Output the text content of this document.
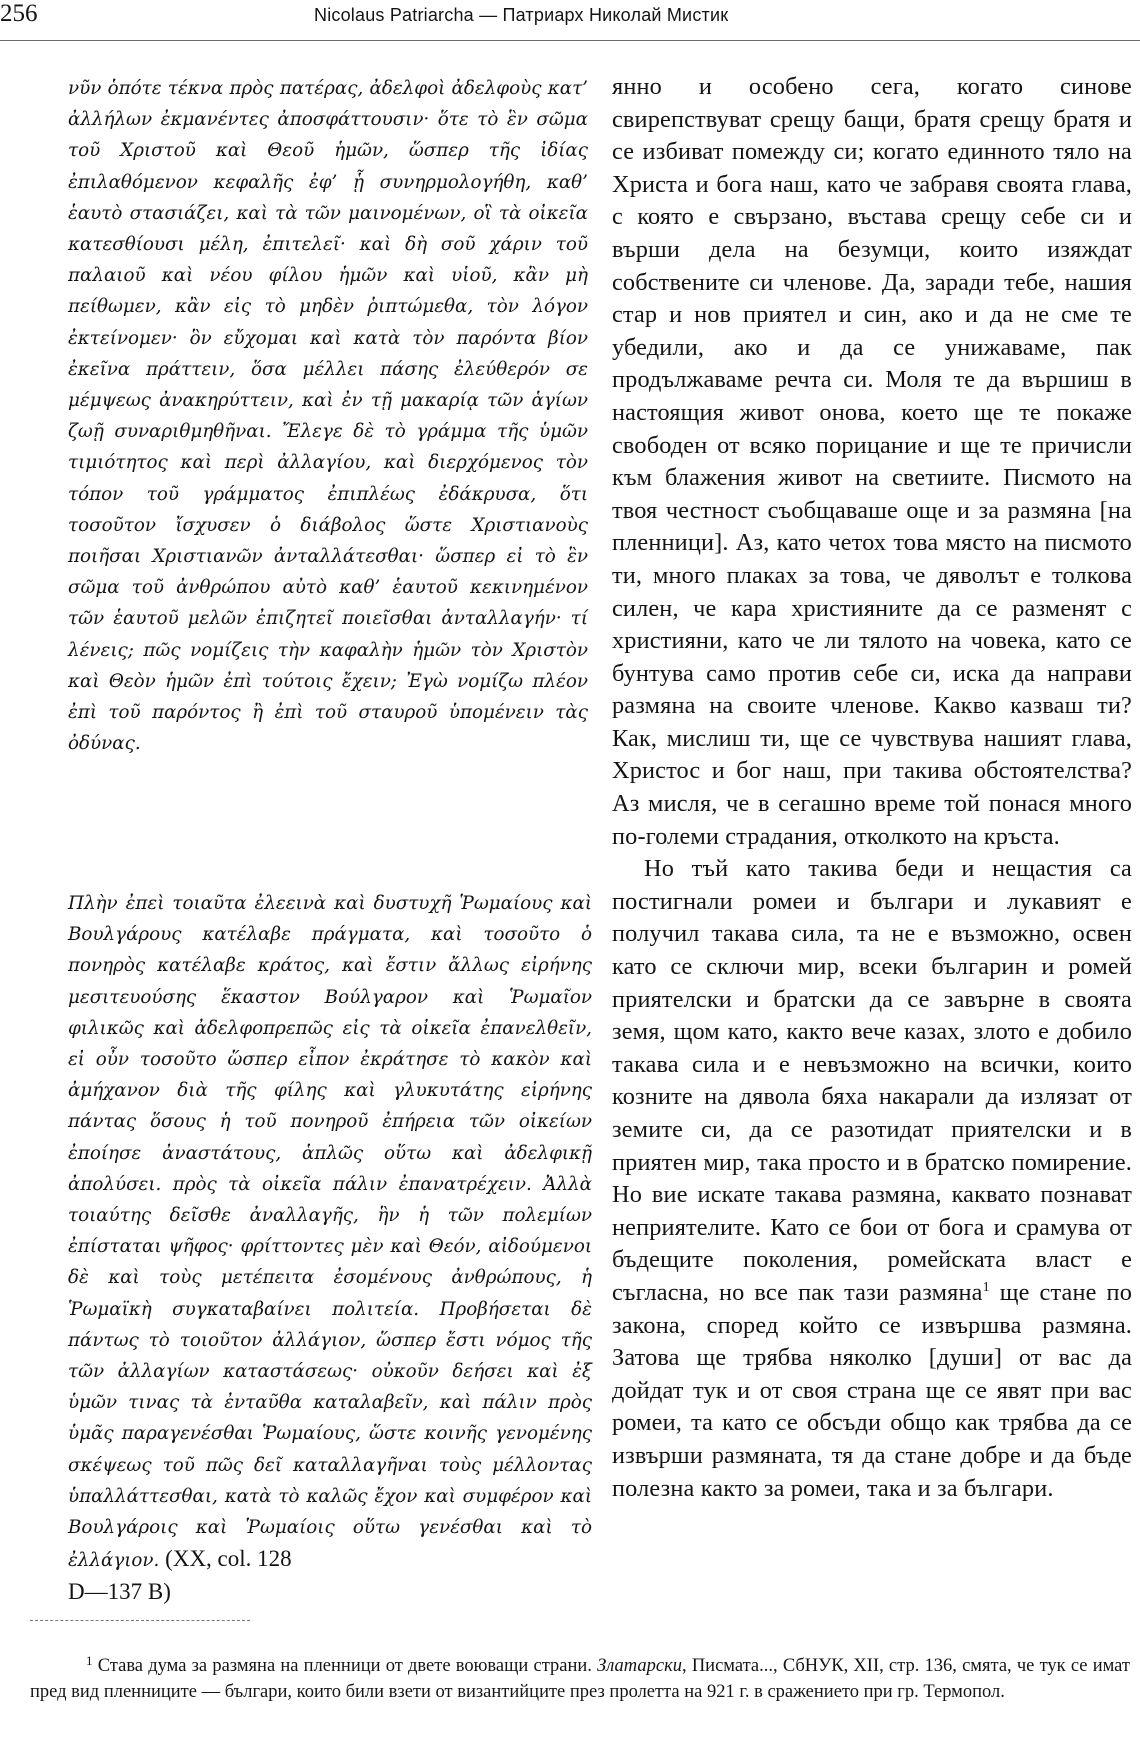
256	Nicolaus Patriarcha — Патриарх Николай Мистик

νῦν ὁπότε τέκνα πρὸς πατέρας, ἀδελφοὶ ἀδελφοὺς κατ’ ἀλλήλων ἐκμανέντες ἀποσφάττουσιν· ὅτε τὸ ἓν σῶμα τοῦ Χριστοῦ καὶ Θεοῦ ἡμῶν, ὥσπερ τῆς ἰδίας ἐπιλαθόμενον κεφαλῆς ἐφ’ ᾗ συνηρμολογήθη, καθ’ ἑαυτὸ στασιάζει, καὶ τὰ τῶν μαινομένων, οἳ τὰ οἰκεῖα κατεσθίουσι μέλη, ἐπιτελεῖ· καὶ δὴ σοῦ χάριν τοῦ παλαιοῦ καὶ νέου φίλου ἡμῶν καὶ υἱοῦ, κἂν μὴ πείθωμεν, κἂν εἰς τὸ μηδὲν ῥιπτώμεθα, τὸν λόγον ἐκτείνομεν· ὃν εὔχομαι καὶ κατὰ τὸν παρόντα βίον ἐκεῖνα πράττειν, ὅσα μέλλει πάσης ἐλεύθερόν σε μέμψεως ἀνακηρύττειν, καὶ ἐν τῇ μακαρίᾳ τῶν ἁγίων ζωῇ συναριθμηθῆναι. Ἔλεγε δὲ τὸ γράμμα τῆς ὑμῶν τιμιότητος καὶ περὶ ἀλλαγίου, καὶ διερχόμενος τὸν τόπον τοῦ γράμματος ἐπιπλέως ἐδάκρυσα, ὅτι τοσοῦτον ἴσχυσεν ὁ διάβολος ὥστε Χριστιανοὺς ποιῆσαι Χριστιανῶν ἀνταλλάτεσθαι· ὥσπερ εἰ τὸ ἓν σῶμα τοῦ ἀνθρώπου αὐτὸ καθ’ ἑαυτοῦ κεκινημένον τῶν ἑαυτοῦ μελῶν ἐπιζητεῖ ποιεῖσθαι ἀνταλλαγήν· τί λένεις; πῶς νομίζεις τὴν καφαλὴν ἡμῶν τὸν Χριστὸν καὶ Θεὸν ἡμῶν ἐπὶ τούτοις ἔχειν; Ἐγὼ νομίζω πλέον ἐπὶ τοῦ παρόντος ἢ ἐπὶ τοῦ σταυροῦ ὑπομένειν τὰς ὀδύνας.

Πλὴν ἐπεὶ τοιαῦτα ἐλεεινὰ καὶ δυστυχῆ Ῥωμαίους καὶ Βουλγάρους κατέλαβε πράγματα, καὶ τοσοῦτο ὁ πονηρὸς κατέλαβε κράτος, καὶ ἔστιν ἄλλως εἰρήνης μεσιτευούσης ἕκαστον Βούλγαρον καὶ Ῥωμαῖον φιλικῶς καὶ ἀδελφοπρεπῶς εἰς τὰ οἰκεῖα ἐπανελθεῖν, εἰ οὖν τοσοῦτο ὥσπερ εἶπον ἐκράτησε τὸ κακὸν καὶ ἀμήχανον διὰ τῆς φίλης καὶ γλυκυτάτης εἰρήνης πάντας ὅσους ἡ τοῦ πονηροῦ ἐπήρεια τῶν οἰκείων ἐποίησε ἀναστάτους, ἁπλῶς οὕτω καὶ ἀδελφικῇ ἀπολύσει. πρὸς τὰ οἰκεῖα πάλιν ἐπανατρέχειν. Ἀλλὰ τοιαύτης δεῖσθε ἀναλλαγῆς, ἣν ἡ τῶν πολεμίων ἐπίσταται ψῆφος· φρίττοντες μὲν καὶ Θεόν, αἰδούμενοι δὲ καὶ τοὺς μετέπειτα ἐσομένους ἀνθρώπους, ἡ Ῥωμαϊκὴ συγκαταβαίνει πολιτεία. Προβήσεται δὲ πάντως τὸ τοιοῦτον ἀλλάγιον, ὥσπερ ἔστι νόμος τῆς τῶν ἀλλαγίων καταστάσεως· οὐκοῦν δεήσει καὶ ἐξ ὑμῶν τινας τὰ ἐνταῦθα καταλαβεῖν, καὶ πάλιν πρὸς ὑμᾶς παραγενέσθαι Ῥωμαίους, ὥστε κοινῆς γενομένης σκέψεως τοῦ πῶς δεῖ καταλλαγῆναι τοὺς μέλλοντας ὑπαλλάττεσθαι, κατὰ τὸ καλῶς ἔχον καὶ συμφέρον καὶ Βουλγάροις καὶ Ῥωμαίοις οὕτω γενέσθαι καὶ τὸ ἐλλάγιον. (XX, col. 128

D—137 B)

янно и особено сега, когато синове свирепствуват срещу бащи, братя срещу братя и се избиват помежду си; когато единното тяло на Христа и бога наш, като че забравя своята глава, с която е свързано, въстава срещу себе си и върши дела на безумци, които изяждат собствените си членове. Да, заради тебе, нашия стар и нов приятел и син, ако и да не сме те убедили, ако и да се унижаваме, пак продължаваме речта си. Моля те да вършиш в настоящия живот онова, което ще те покаже свободен от всяко порицание и ще те причисли към блажения живот на светиите. Писмото на твоя честност съобщаваше още и за размяна [на пленници]. Аз, като четох това място на писмото ти, много плаках за това, че дяволът е толкова силен, че кара християните да се разменят с християни, като че ли тялото на човека, като се бунтува само против себе си, иска да направи размяна на своите членове. Какво казваш ти? Как, мислиш ти, ще се чувствува нашият глава, Христос и бог наш, при такива обстоятелства? Аз мисля, че в сегашно време той понася много по-големи страдания, отколкото на кръста.

Но тъй като такива беди и нещастия са постигнали ромеи и българи и лукавият е получил такава сила, та не е възможно, освен като се сключи мир, всеки българин и ромей приятелски и братски да се завърне в своята земя, щом като, както вече казах, злото е добило такава сила и е невъзможно на всички, които козните на дявола бяха накарали да излязат от земите си, да се разотидат приятелски и в приятен мир, така просто и в братско помирение. Но вие искате такава размяна, каквато познават неприятелите. Като се бои от бога и срамува от бъдещите поколения, ромейската власт е съгласна, но все пак тази размяна$^1$ ще стане по закона, според който се извършва размяна. Затова ще трябва няколко [души] от вас да дойдат тук и от своя страна ще се явят при вас ромеи, та като се обсъди общо как трябва да се извърши размяната, тя да стане добре и да бъде полезна както за ромеи, така и за българи.

$^1$ Става дума за размяна на пленници от двете воюващи страни. Златарски, Писмата..., СбНУК, XII, стр. 136, смята, че тук се имат пред вид пленниците — българи, които били взети от византийците през пролетта на 921 г. в сражението при гр. Термопол.
